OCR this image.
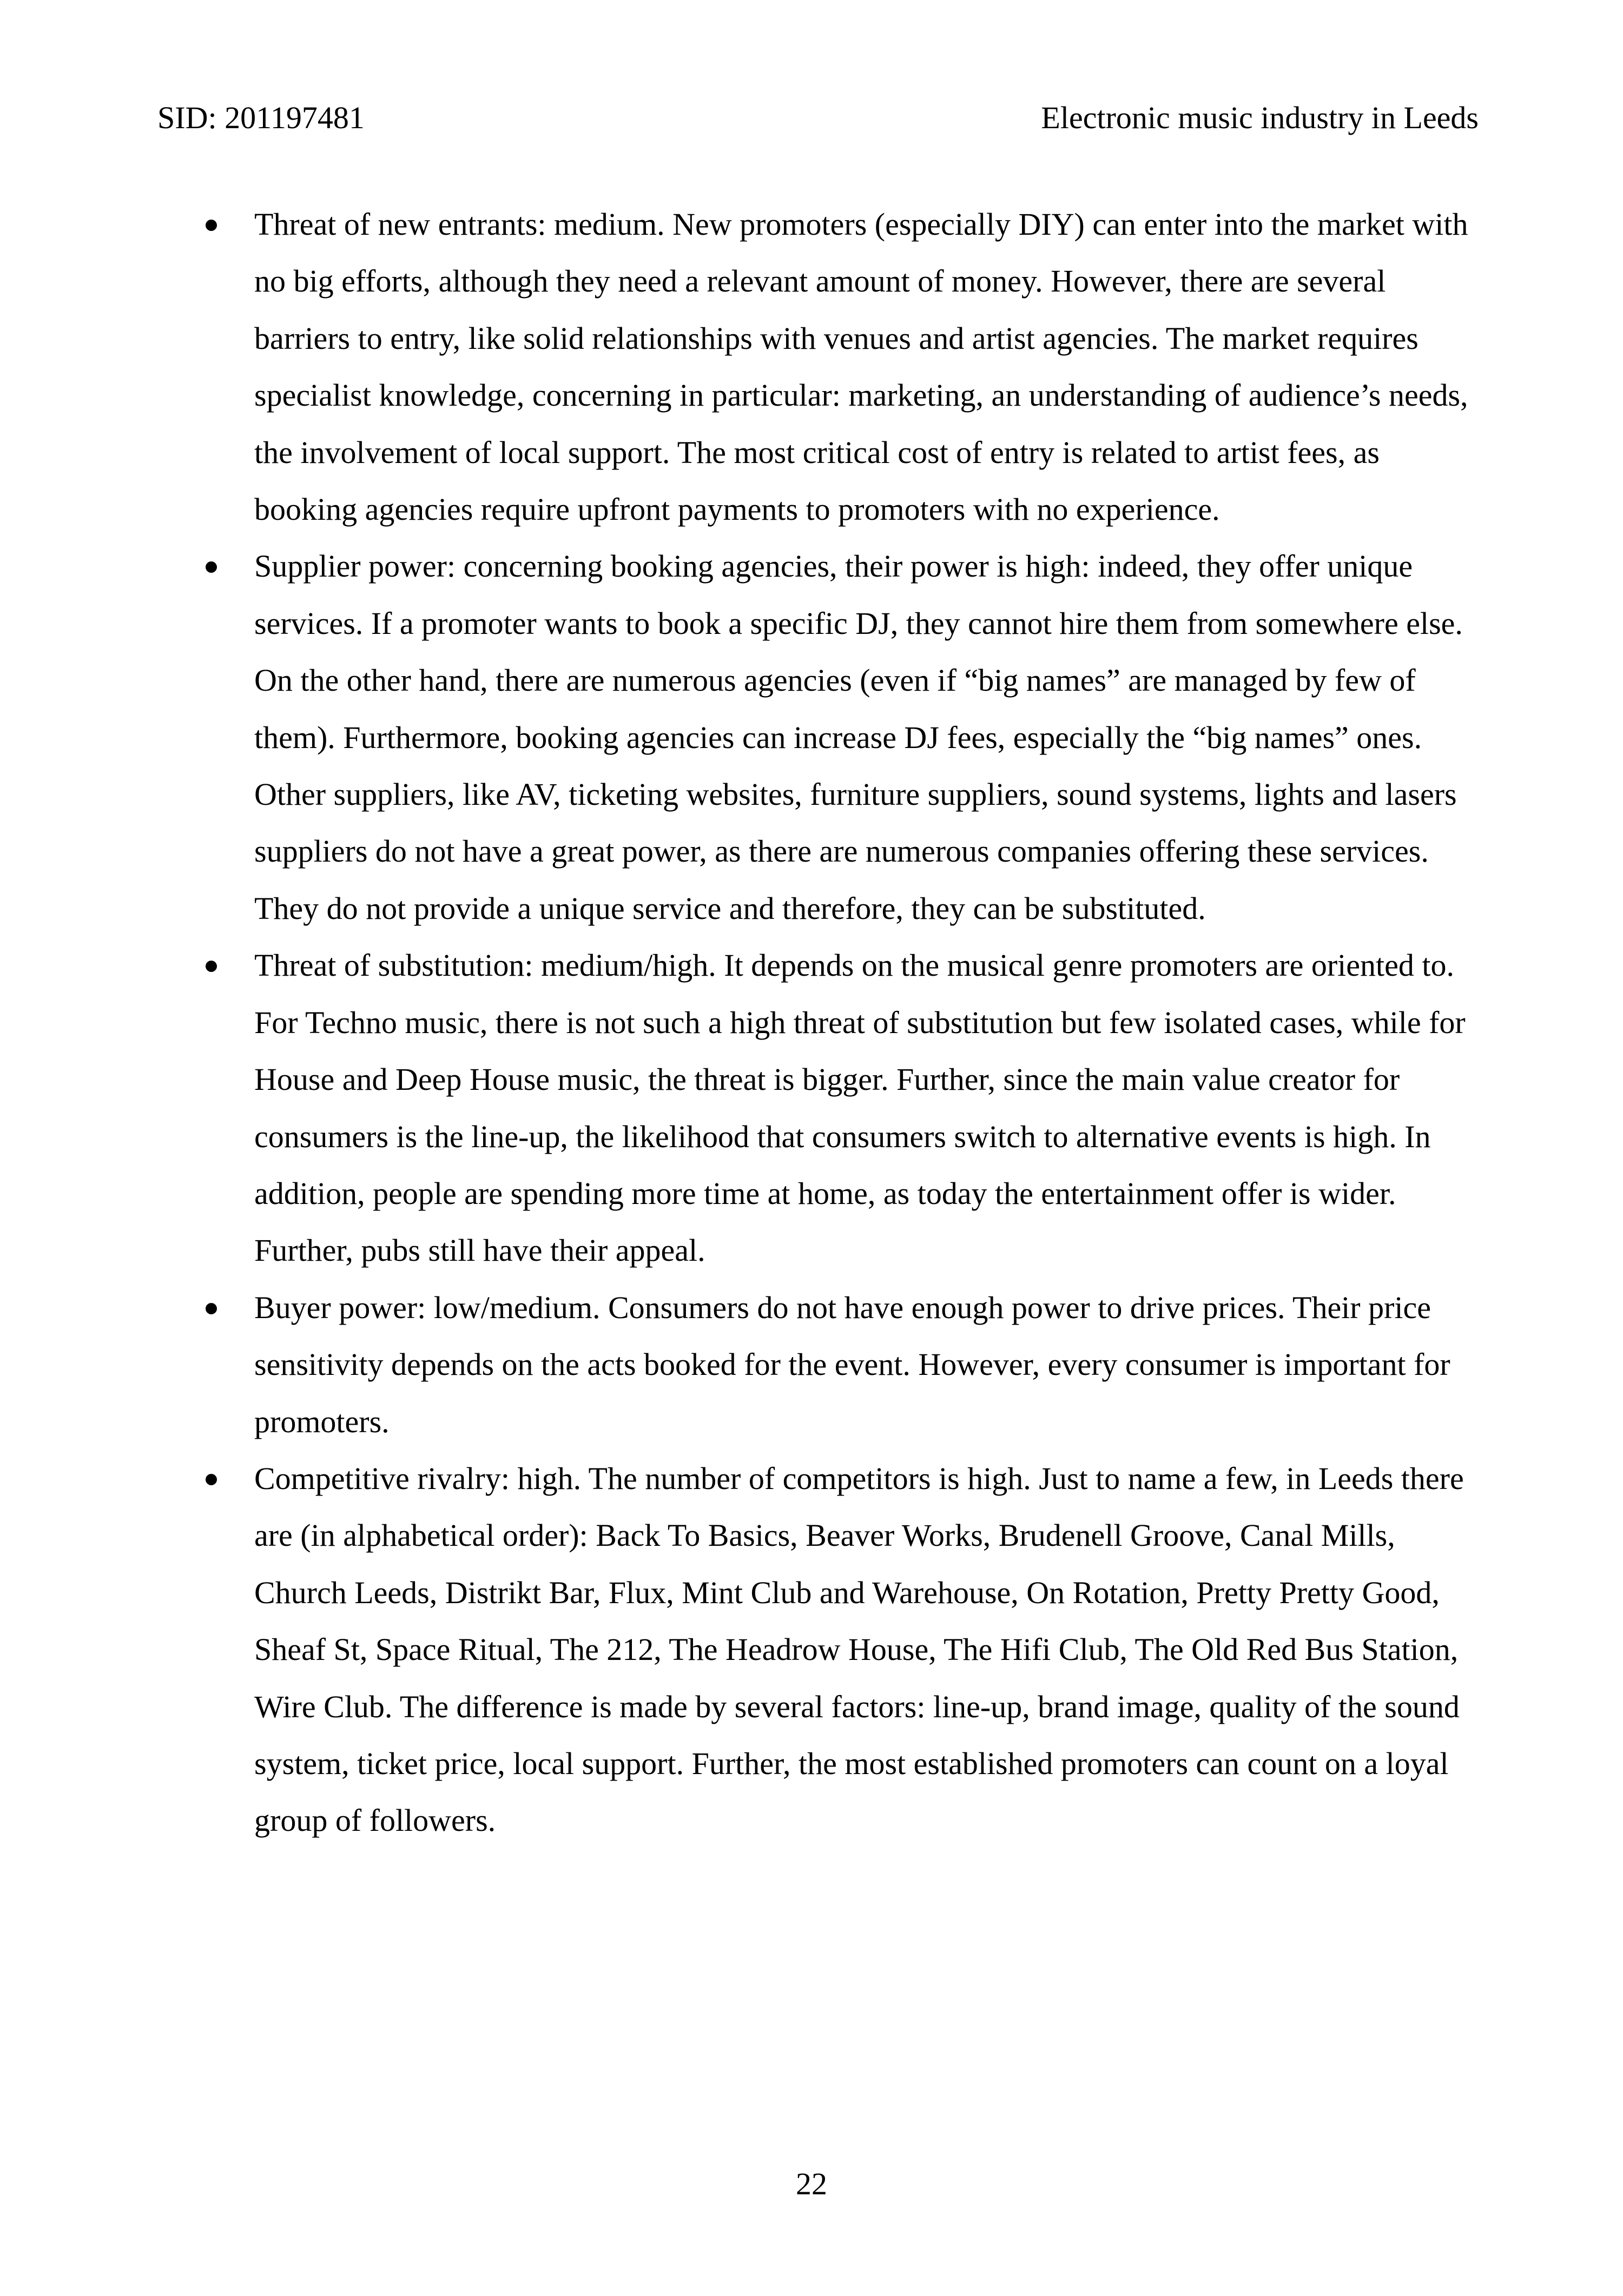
SID: 201197481	Electronic music industry in Leeds

Threat of new entrants: medium. New promoters (especially DIY) can enter into the market with no big efforts, although they need a relevant amount of money. However, there are several barriers to entry, like solid relationships with venues and artist agencies. The market requires specialist knowledge, concerning in particular: marketing, an understanding of audience’s needs, the involvement of local support. The most critical cost of entry is related to artist fees, as booking agencies require upfront payments to promoters with no experience.

Supplier power: concerning booking agencies, their power is high: indeed, they offer unique services. If a promoter wants to book a specific DJ, they cannot hire them from somewhere else. On the other hand, there are numerous agencies (even if “big names” are managed by few of them). Furthermore, booking agencies can increase DJ fees, especially the “big names” ones.

Other suppliers, like AV, ticketing websites, furniture suppliers, sound systems, lights and lasers suppliers do not have a great power, as there are numerous companies offering these services. They do not provide a unique service and therefore, they can be substituted.

Threat of substitution: medium/high. It depends on the musical genre promoters are oriented to. For Techno music, there is not such a high threat of substitution but few isolated cases, while for House and Deep House music, the threat is bigger. Further, since the main value creator for consumers is the line-up, the likelihood that consumers switch to alternative events is high. In addition, people are spending more time at home, as today the entertainment offer is wider. Further, pubs still have their appeal.

Buyer power: low/medium. Consumers do not have enough power to drive prices. Their price sensitivity depends on the acts booked for the event. However, every consumer is important for promoters.

Competitive rivalry: high. The number of competitors is high. Just to name a few, in Leeds there are (in alphabetical order): Back To Basics, Beaver Works, Brudenell Groove, Canal Mills, Church Leeds, Distrikt Bar, Flux, Mint Club and Warehouse, On Rotation, Pretty Pretty Good, Sheaf St, Space Ritual, The 212, The Headrow House, The Hifi Club, The Old Red Bus Station, Wire Club. The difference is made by several factors: line-up, brand image, quality of the sound system, ticket price, local support. Further, the most established promoters can count on a loyal group of followers.

22
